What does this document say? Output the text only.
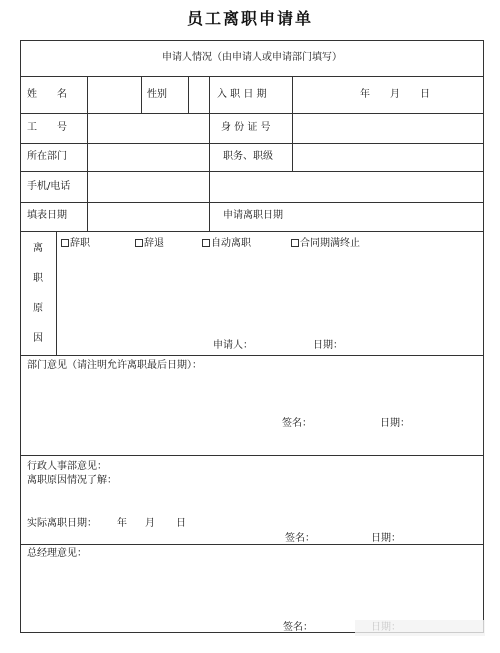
员工离职申请单
申请人情况（由申请人或申请部门填写）
姓　　名	性别	入 职 日 期	年 月 日
工　　号	身 份 证 号
所在部门	职务、职级
手机/电话
填表日期	申请离职日期
离
职
原
因
辞职	辞退	自动离职	合同期满终止
申请人：	日期：
部门意见（请注明允许离职最后日期）：
签名：	日期：
行政人事部意见：
离职原因情况了解：
实际离职日期： 年 月 日
签名：	日期：
总经理意见：
签名：
